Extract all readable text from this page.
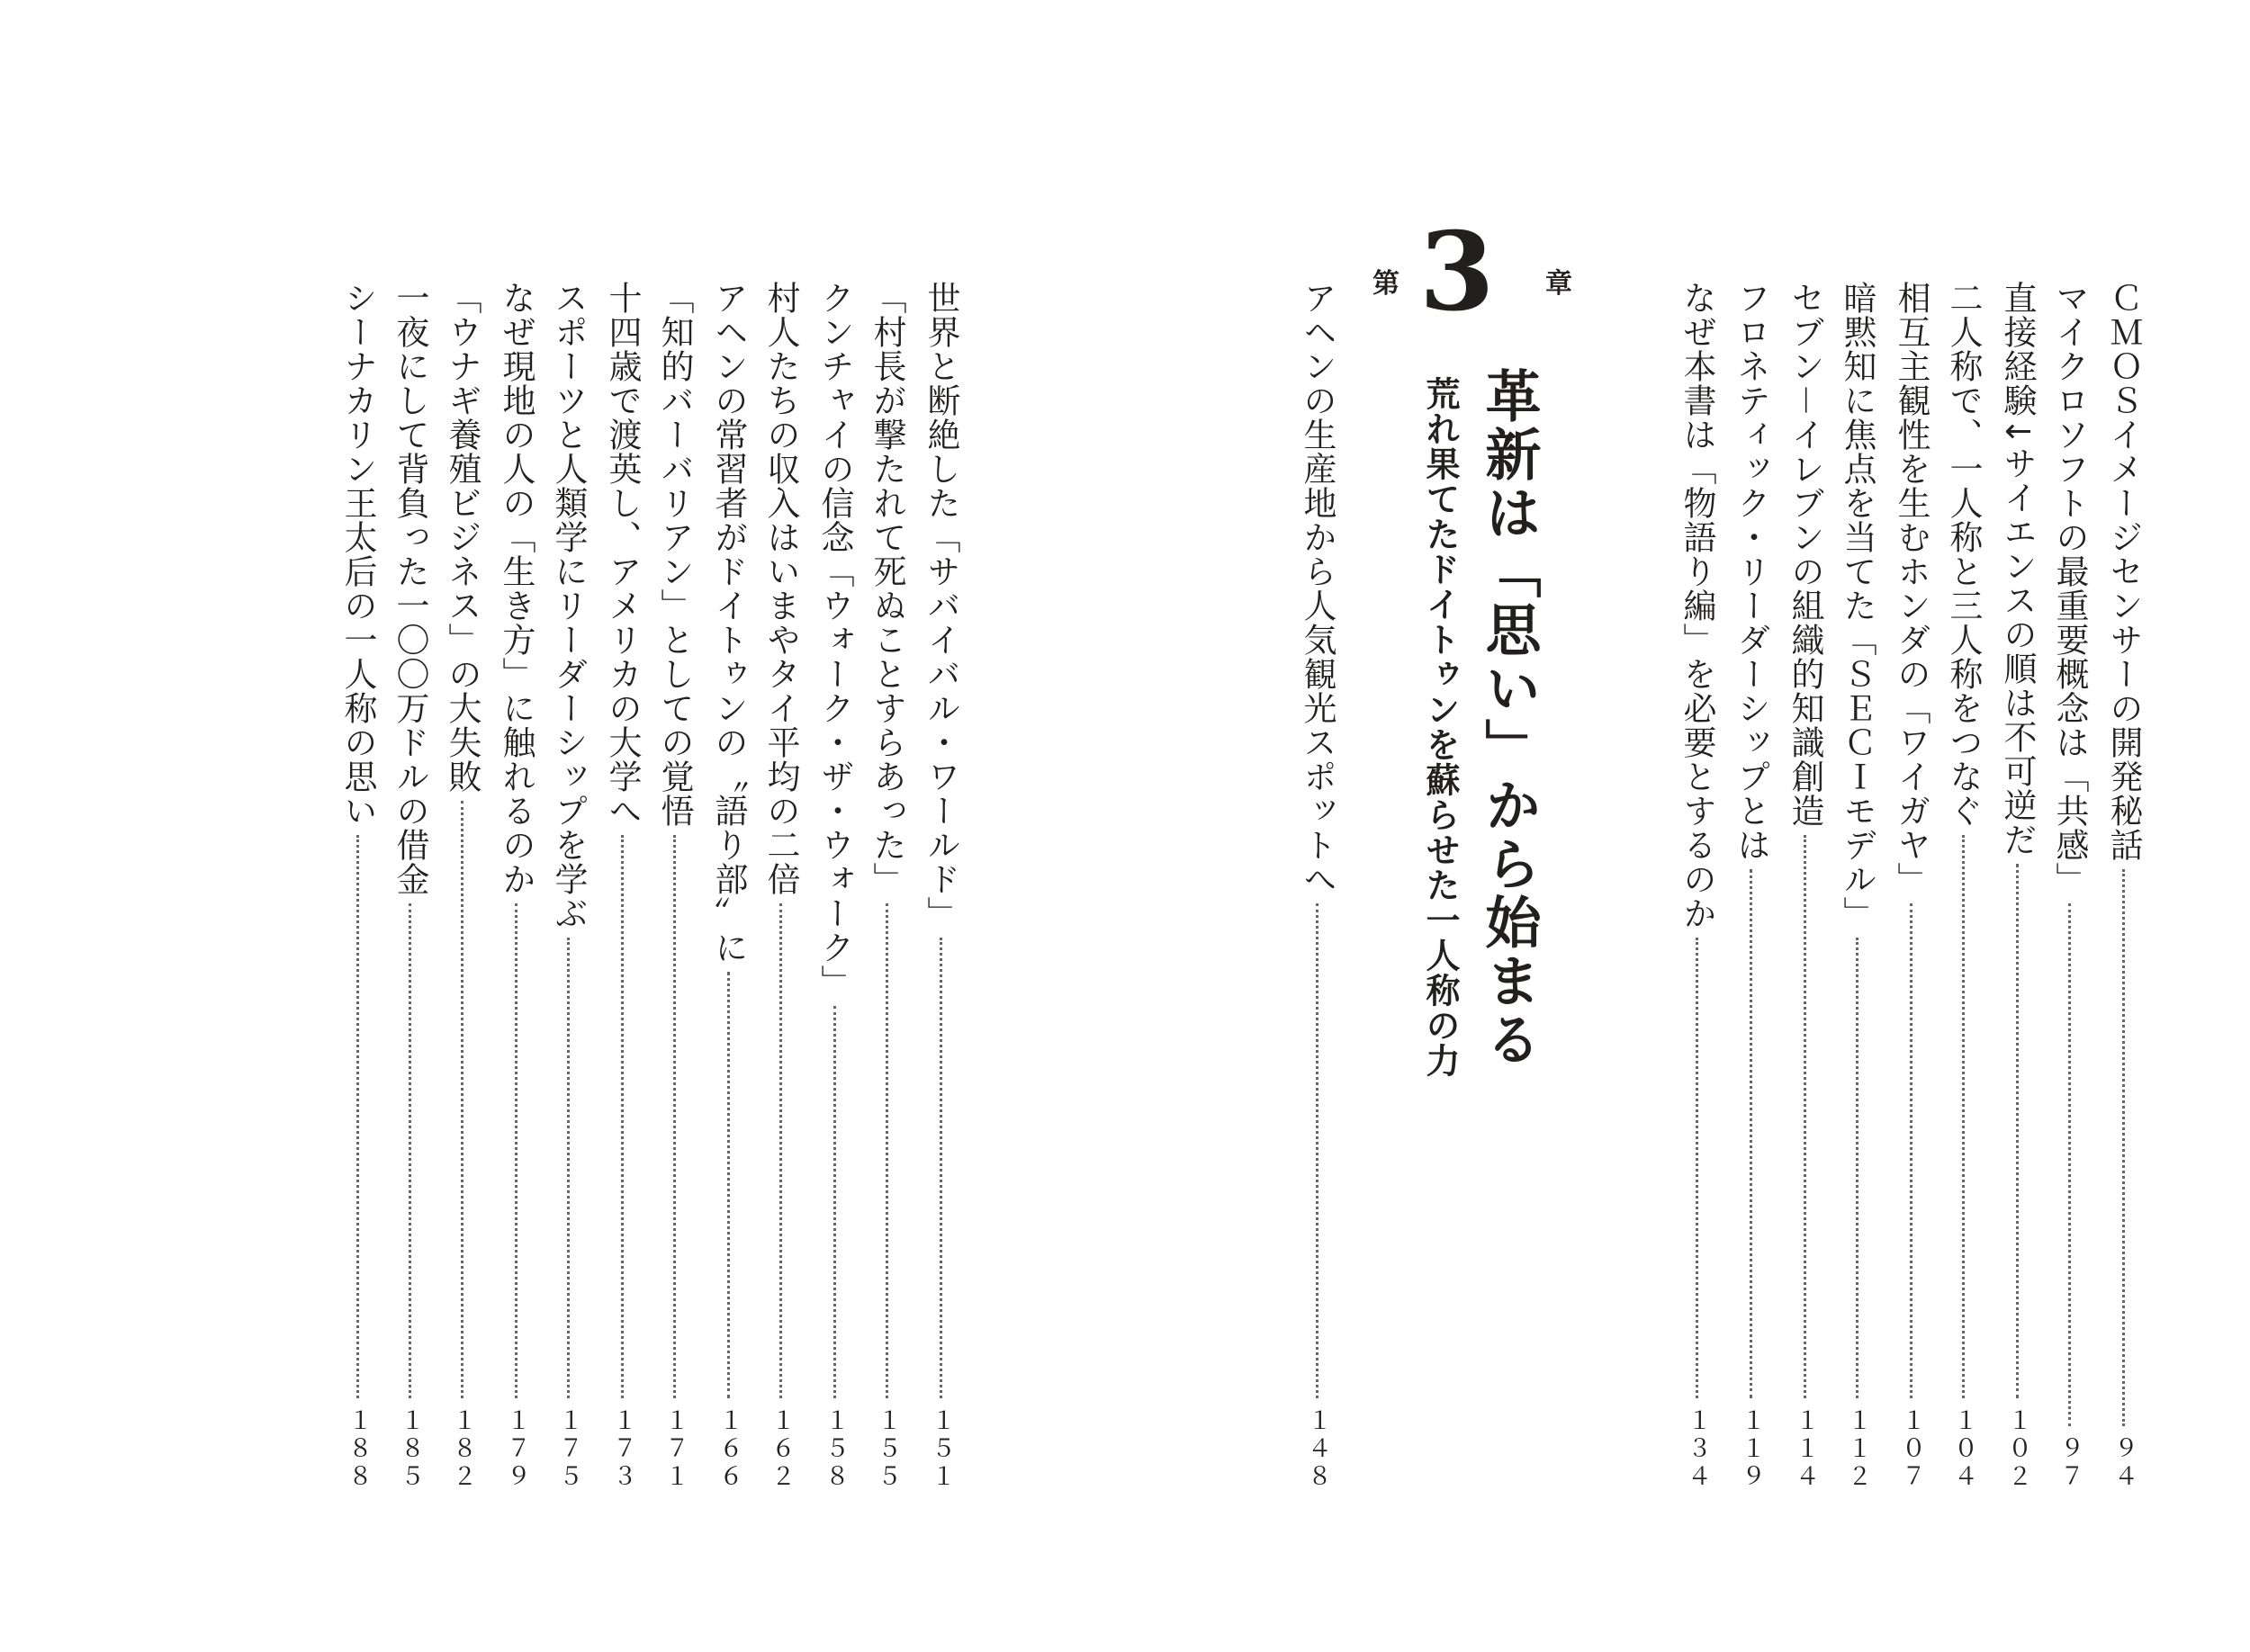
ＣＭＯＳイメージセンサーの開発秘話
９４
マイクロソフトの最重要概念は「共感」
９７
直接経験↓サイエンスの順は不可逆だ
１０２
二人称で、一人称と三人称をつなぐ
１０４
相互主観性を生むホンダの「ワイガヤ」
１０７
暗黙知に焦点を当てた「ＳＥＣＩモデル」
１１２
セブン－イレブンの組織的知識創造
１１４
フロネティック・リーダーシップとは
１１９
なぜ本書は「物語り編」を必要とするのか
１３４
第 3 章
革新は「思い」から始まる
荒れ果てたドイトゥンを蘇らせた一人称の力
アヘンの生産地から人気観光スポットへ
１４８
世界と断絶した「サバイバル・ワールド」
１５１
「村長が撃たれて死ぬことすらあった」
１５５
クンチャイの信念「ウォーク・ザ・ウォーク」
１５８
村人たちの収入はいまやタイ平均の二倍
１６２
アヘンの常習者がドイトゥンの〝語り部〟に
１６６
「知的バーバリアン」としての覚悟
１７１
十四歳で渡英し、アメリカの大学へ
１７３
スポーツと人類学にリーダーシップを学ぶ
１７５
なぜ現地の人の「生き方」に触れるのか
１７９
「ウナギ養殖ビジネス」の大失敗
１８２
一夜にして背負った一〇〇万ドルの借金
１８５
シーナカリン王太后の一人称の思い
１８８
